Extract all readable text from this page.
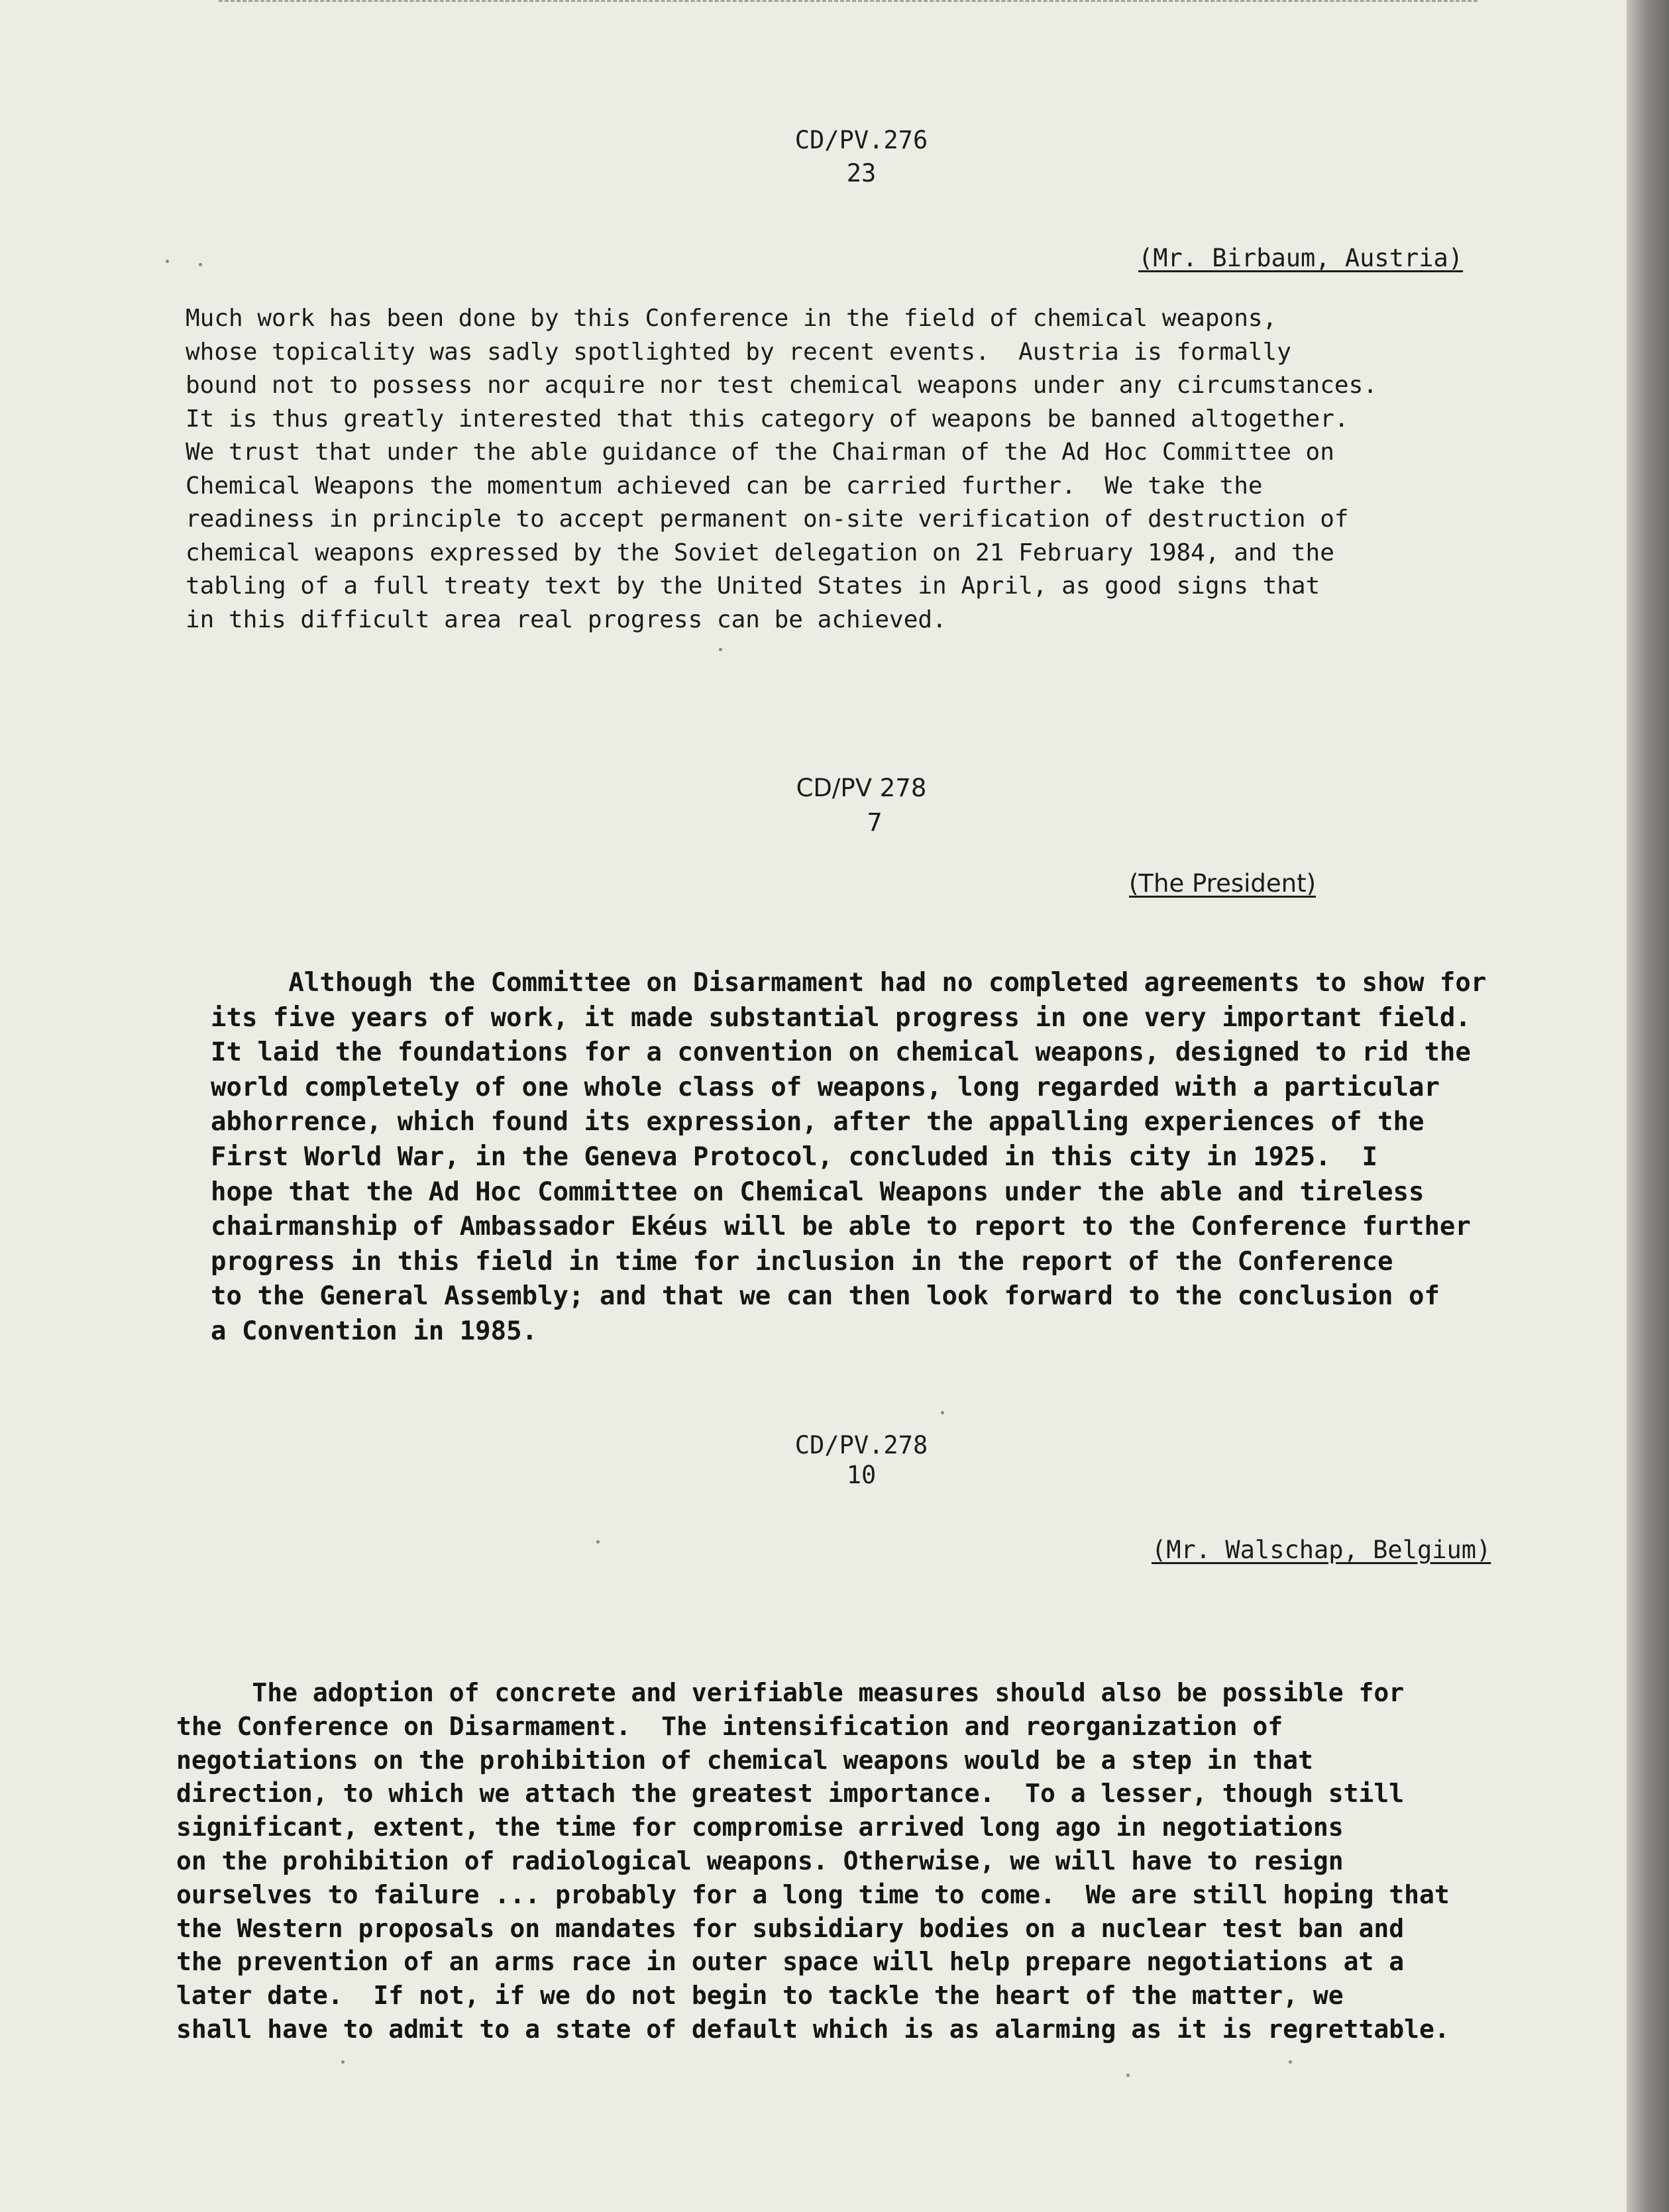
CD/PV.276
23
(Mr. Birbaum, Austria)
Much work has been done by this Conference in the field of chemical weapons,
whose topicality was sadly spotlighted by recent events.  Austria is formally
bound not to possess nor acquire nor test chemical weapons under any circumstances.
It is thus greatly interested that this category of weapons be banned altogether.
We trust that under the able guidance of the Chairman of the Ad Hoc Committee on
Chemical Weapons the momentum achieved can be carried further.  We take the
readiness in principle to accept permanent on-site verification of destruction of
chemical weapons expressed by the Soviet delegation on 21 February 1984, and the
tabling of a full treaty text by the United States in April, as good signs that
in this difficult area real progress can be achieved.
CD/PV 278
7
(The President)
Although the Committee on Disarmament had no completed agreements to show for
its five years of work, it made substantial progress in one very important field.
It laid the foundations for a convention on chemical weapons, designed to rid the
world completely of one whole class of weapons, long regarded with a particular
abhorrence, which found its expression, after the appalling experiences of the
First World War, in the Geneva Protocol, concluded in this city in 1925.  I
hope that the Ad Hoc Committee on Chemical Weapons under the able and tireless
chairmanship of Ambassador Ekéus will be able to report to the Conference further
progress in this field in time for inclusion in the report of the Conference
to the General Assembly; and that we can then look forward to the conclusion of
a Convention in 1985.
CD/PV.278
10
(Mr. Walschap, Belgium)
The adoption of concrete and verifiable measures should also be possible for
the Conference on Disarmament.  The intensification and reorganization of
negotiations on the prohibition of chemical weapons would be a step in that
direction, to which we attach the greatest importance.  To a lesser, though still
significant, extent, the time for compromise arrived long ago in negotiations
on the prohibition of radiological weapons. Otherwise, we will have to resign
ourselves to failure ... probably for a long time to come.  We are still hoping that
the Western proposals on mandates for subsidiary bodies on a nuclear test ban and
the prevention of an arms race in outer space will help prepare negotiations at a
later date.  If not, if we do not begin to tackle the heart of the matter, we
shall have to admit to a state of default which is as alarming as it is regrettable.
